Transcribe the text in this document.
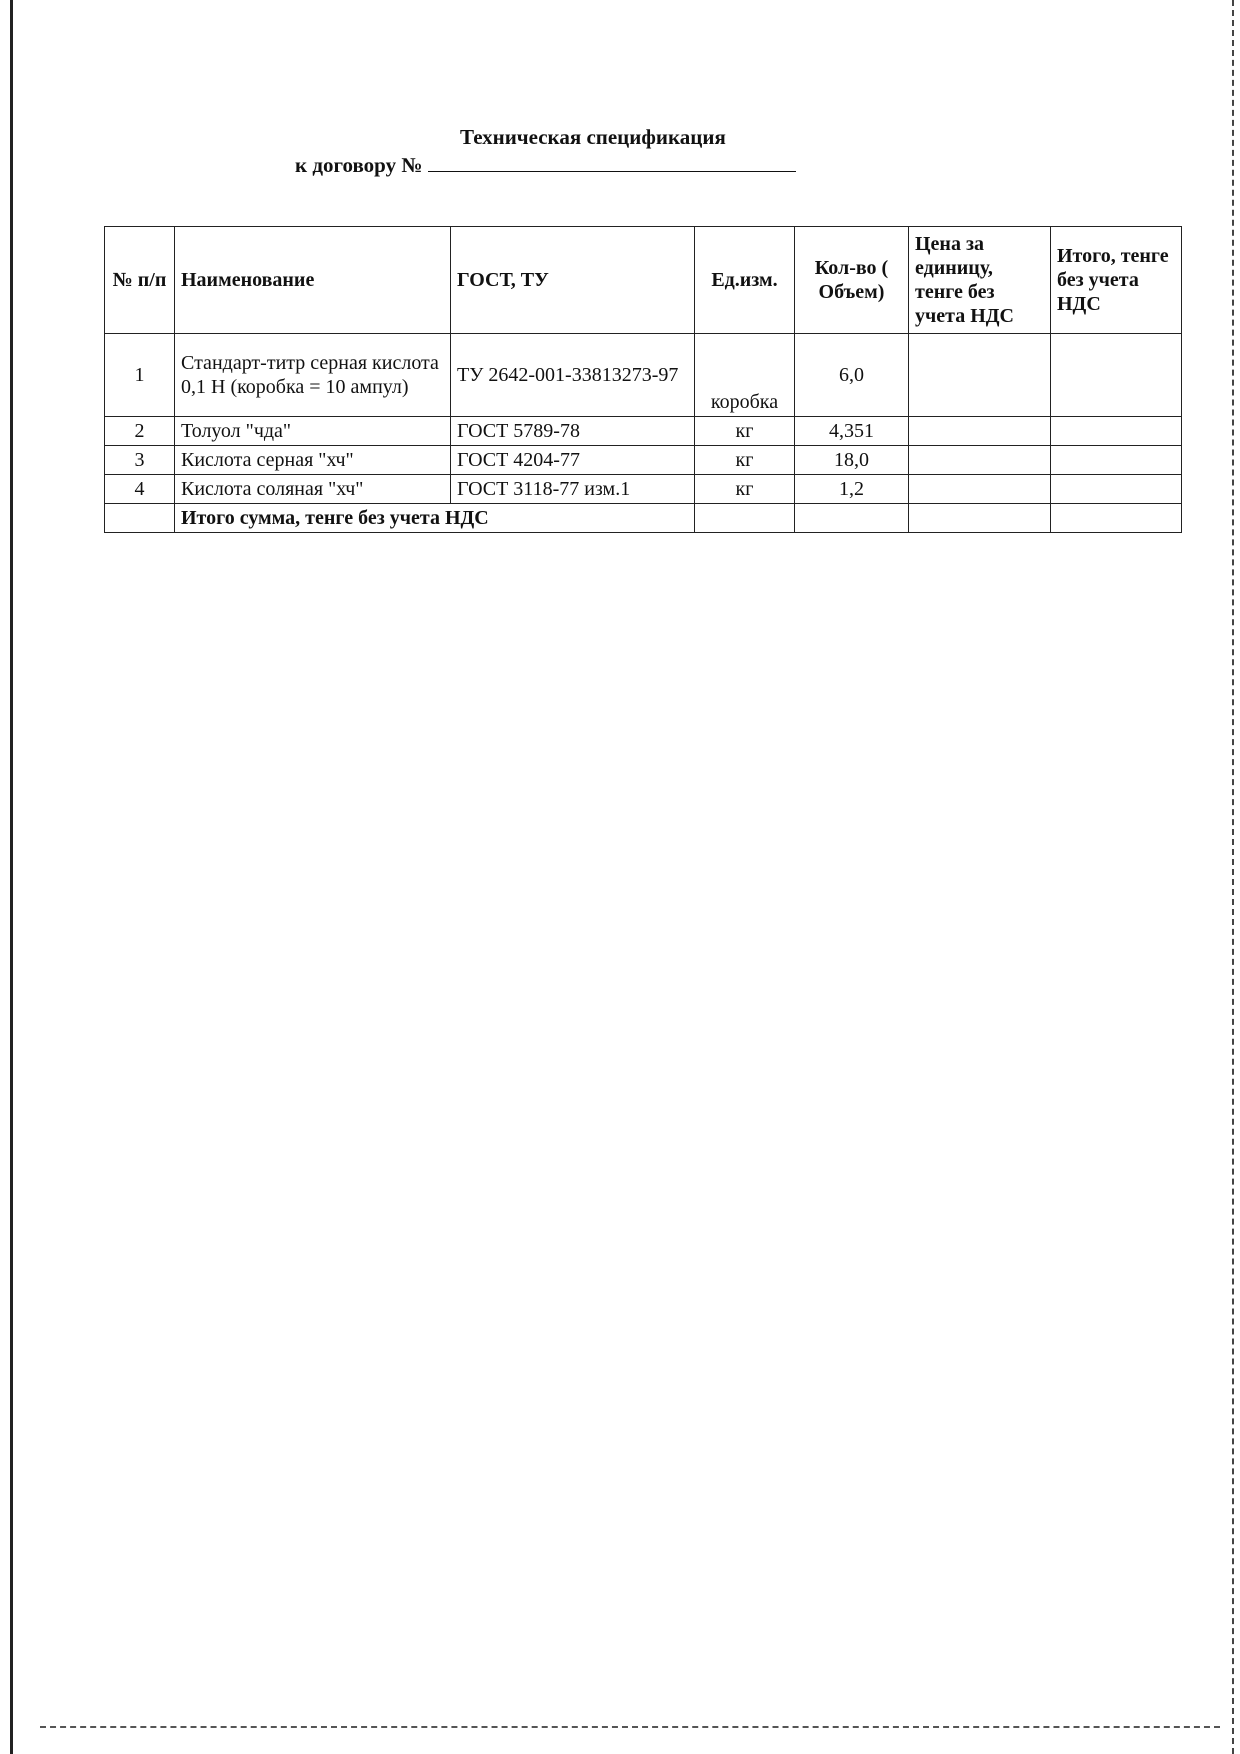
Техническая спецификация
к договору №
№ п/п	Наименование	ГОСТ, ТУ	Ед.изм.	Кол-во ( Объем)	Цена за единицу, тенге без учета НДС	Итого, тенге без учета НДС
1	Стандарт-титр серная кислота 0,1 Н (коробка = 10 ампул)	ТУ 2642-001-33813273-97	коробка	6,0		
2	Толуол "чда"	ГОСТ 5789-78	кг	4,351		
3	Кислота серная "хч"	ГОСТ 4204-77	кг	18,0		
4	Кислота соляная "хч"	ГОСТ 3118-77 изм.1	кг	1,2		
	Итого сумма, тенге без учета НДС					
